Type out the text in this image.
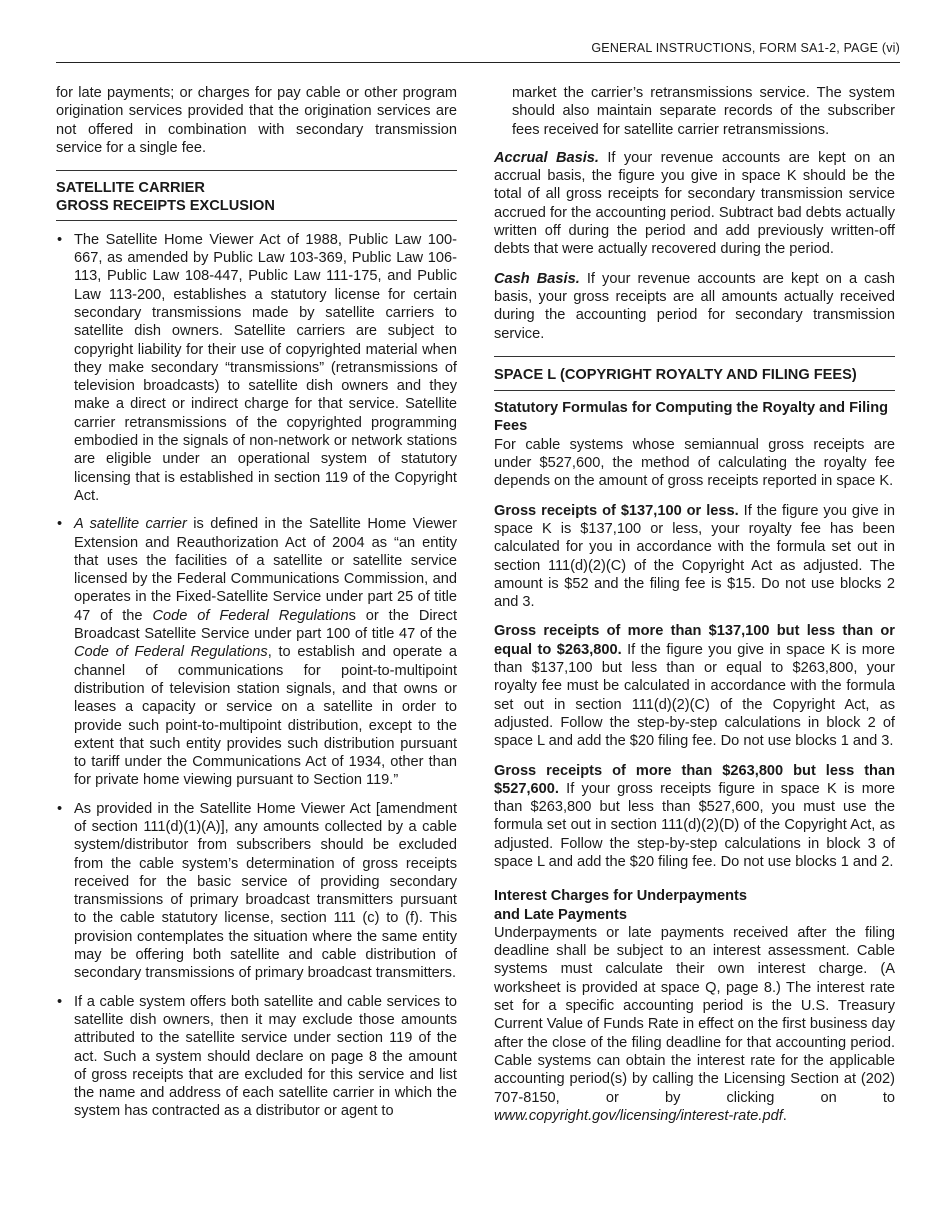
GENERAL INSTRUCTIONS, FORM SA1-2, PAGE (vi)

for late payments; or charges for pay cable or other program origination services provided that the origination services are not offered in combination with secondary transmission service for a single fee.

SATELLITE CARRIER
GROSS RECEIPTS EXCLUSION
• The Satellite Home Viewer Act of 1988, Public Law 100-667, as amended by Public Law 103-369, Public Law 106-113, Public Law 108-447, Public Law 111-175, and Public Law 113-200, establishes a statutory license for certain secondary transmissions made by satellite carriers to satellite dish owners. Satellite carriers are subject to copyright liability for their use of copyrighted material when they make secondary “transmissions” (retransmissions of television broadcasts) to satellite dish owners and they make a direct or indirect charge for that service. Satellite carrier retransmissions of the copyrighted programming embodied in the signals of non-network or network stations are eligible under an operational system of statutory licensing that is established in section 119 of the Copyright Act.
• A satellite carrier is defined in the Satellite Home Viewer Extension and Reauthorization Act of 2004 as “an entity that uses the facilities of a satellite or satellite service licensed by the Federal Communications Commission, and operates in the Fixed-Satellite Service under part 25 of title 47 of the Code of Federal Regulations or the Direct Broadcast Satellite Service under part 100 of title 47 of the Code of Federal Regulations, to establish and operate a channel of communications for point-to-multipoint distribution of television station signals, and that owns or leases a capacity or service on a satellite in order to provide such point-to-multipoint distribution, except to the extent that such entity provides such distribution pursuant to tariff under the Communications Act of 1934, other than for private home viewing pursuant to Section 119.”
• As provided in the Satellite Home Viewer Act [amendment of section 111(d)(1)(A)], any amounts collected by a cable system/distributor from subscribers should be excluded from the cable system’s determination of gross receipts received for the basic service of providing secondary transmissions of primary broadcast transmitters pursuant to the cable statutory license, section 111 (c) to (f). This provision contemplates the situation where the same entity may be offering both satellite and cable distribution of secondary transmissions of primary broadcast transmitters.
• If a cable system offers both satellite and cable services to satellite dish owners, then it may exclude those amounts attributed to the satellite service under section 119 of the act. Such a system should declare on page 8 the amount of gross receipts that are excluded for this service and list the name and address of each satellite carrier in which the system has contracted as a distributor or agent to

market the carrier’s retransmissions service. The system should also maintain separate records of the subscriber fees received for satellite carrier retransmissions.

Accrual Basis. If your revenue accounts are kept on an accrual basis, the figure you give in space K should be the total of all gross receipts for secondary transmission service accrued for the accounting period. Subtract bad debts actually written off during the period and add previously written-off debts that were actually recovered during the period.

Cash Basis. If your revenue accounts are kept on a cash basis, your gross receipts are all amounts actually received during the accounting period for secondary transmission service.

SPACE L (COPYRIGHT ROYALTY AND FILING FEES)
Statutory Formulas for Computing the Royalty and Filing Fees

For cable systems whose semiannual gross receipts are under $527,600, the method of calculating the royalty fee depends on the amount of gross receipts reported in space K.

Gross receipts of $137,100 or less. If the figure you give in space K is $137,100 or less, your royalty fee has been calculated for you in accordance with the formula set out in section 111(d)(2)(C) of the Copyright Act as adjusted. The amount is $52 and the filing fee is $15. Do not use blocks 2 and 3.

Gross receipts of more than $137,100 but less than or equal to $263,800. If the figure you give in space K is more than $137,100 but less than or equal to $263,800, your royalty fee must be calculated in accordance with the formula set out in section 111(d)(2)(C) of the Copyright Act, as adjusted. Follow the step-by-step calculations in block 2 of space L and add the $20 filing fee. Do not use blocks 1 and 3.

Gross receipts of more than $263,800 but less than $527,600. If your gross receipts figure in space K is more than $263,800 but less than $527,600, you must use the formula set out in section 111(d)(2)(D) of the Copyright Act, as adjusted. Follow the step-by-step calculations in block 3 of space L and add the $20 filing fee. Do not use blocks 1 and 2.

Interest Charges for Underpayments
and Late Payments

Underpayments or late payments received after the filing deadline shall be subject to an interest assessment. Cable systems must calculate their own interest charge. (A worksheet is provided at space Q, page 8.) The interest rate set for a specific accounting period is the U.S. Treasury Current Value of Funds Rate in effect on the first business day after the close of the filing deadline for that accounting period. Cable systems can obtain the interest rate for the applicable accounting period(s) by calling the Licensing Section at (202) 707-8150, or by clicking on to www.copyright.gov/licensing/interest-rate.pdf.
